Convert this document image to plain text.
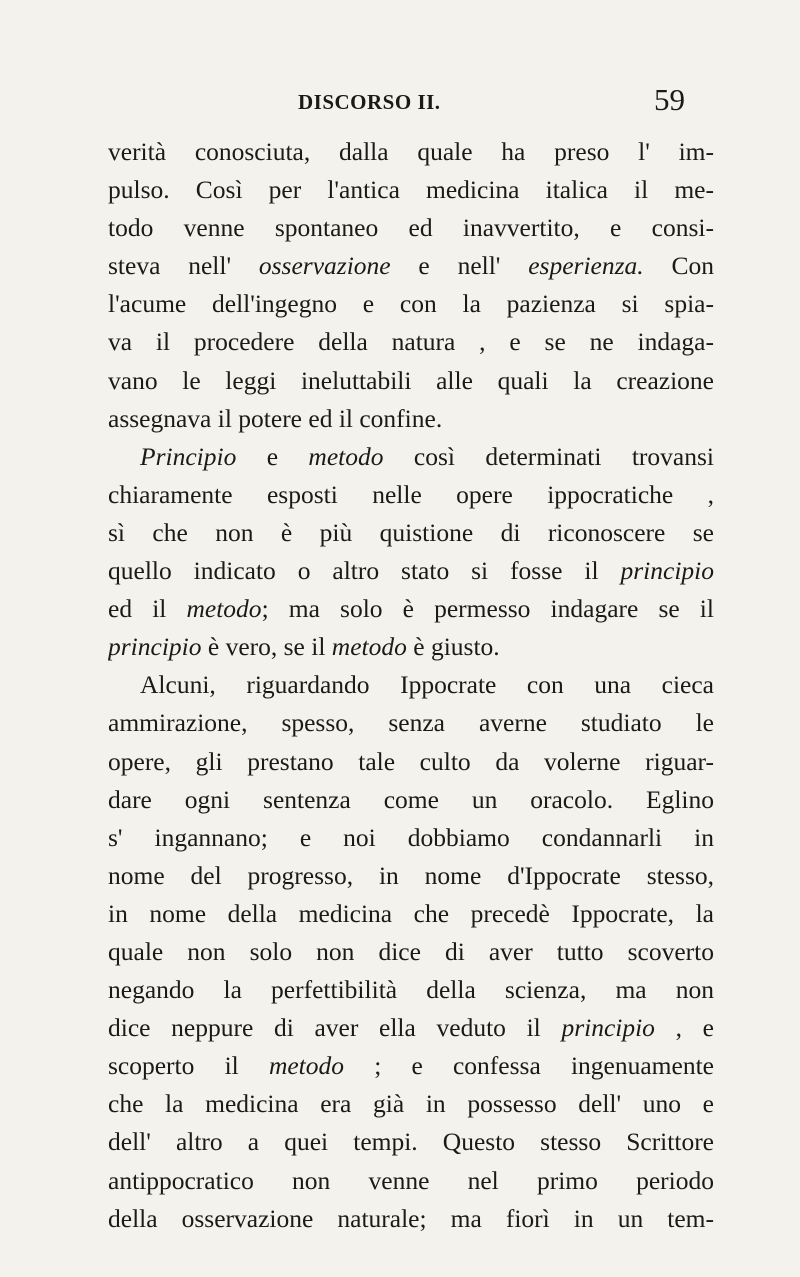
DISCORSO II.	59
verità conosciuta, dalla quale ha preso l' im-
pulso. Così per l'antica medicina italica il me-
todo venne spontaneo ed inavvertito, e consi-
steva nell' osservazione e nell' esperienza. Con
l'acume dell'ingegno e con la pazienza si spia-
va il procedere della natura , e se ne indaga-
vano le leggi ineluttabili alle quali la creazione
assegnava il potere ed il confine.
Principio e metodo così determinati trovansi
chiaramente esposti nelle opere ippocratiche ,
sì che non è più quistione di riconoscere se
quello indicato o altro stato si fosse il principio
ed il metodo; ma solo è permesso indagare se il
principio è vero, se il metodo è giusto.
Alcuni, riguardando Ippocrate con una cieca
ammirazione, spesso, senza averne studiato le
opere, gli prestano tale culto da volerne riguar-
dare ogni sentenza come un oracolo. Eglino
s' ingannano; e noi dobbiamo condannarli in
nome del progresso, in nome d'Ippocrate stesso,
in nome della medicina che precedè Ippocrate, la
quale non solo non dice di aver tutto scoverto
negando la perfettibilità della scienza, ma non
dice neppure di aver ella veduto il principio , e
scoperto il metodo ; e confessa ingenuamente
che la medicina era già in possesso dell' uno e
dell' altro a quei tempi. Questo stesso Scrittore
antippocratico non venne nel primo periodo
della osservazione naturale; ma fiorì in un tem-
